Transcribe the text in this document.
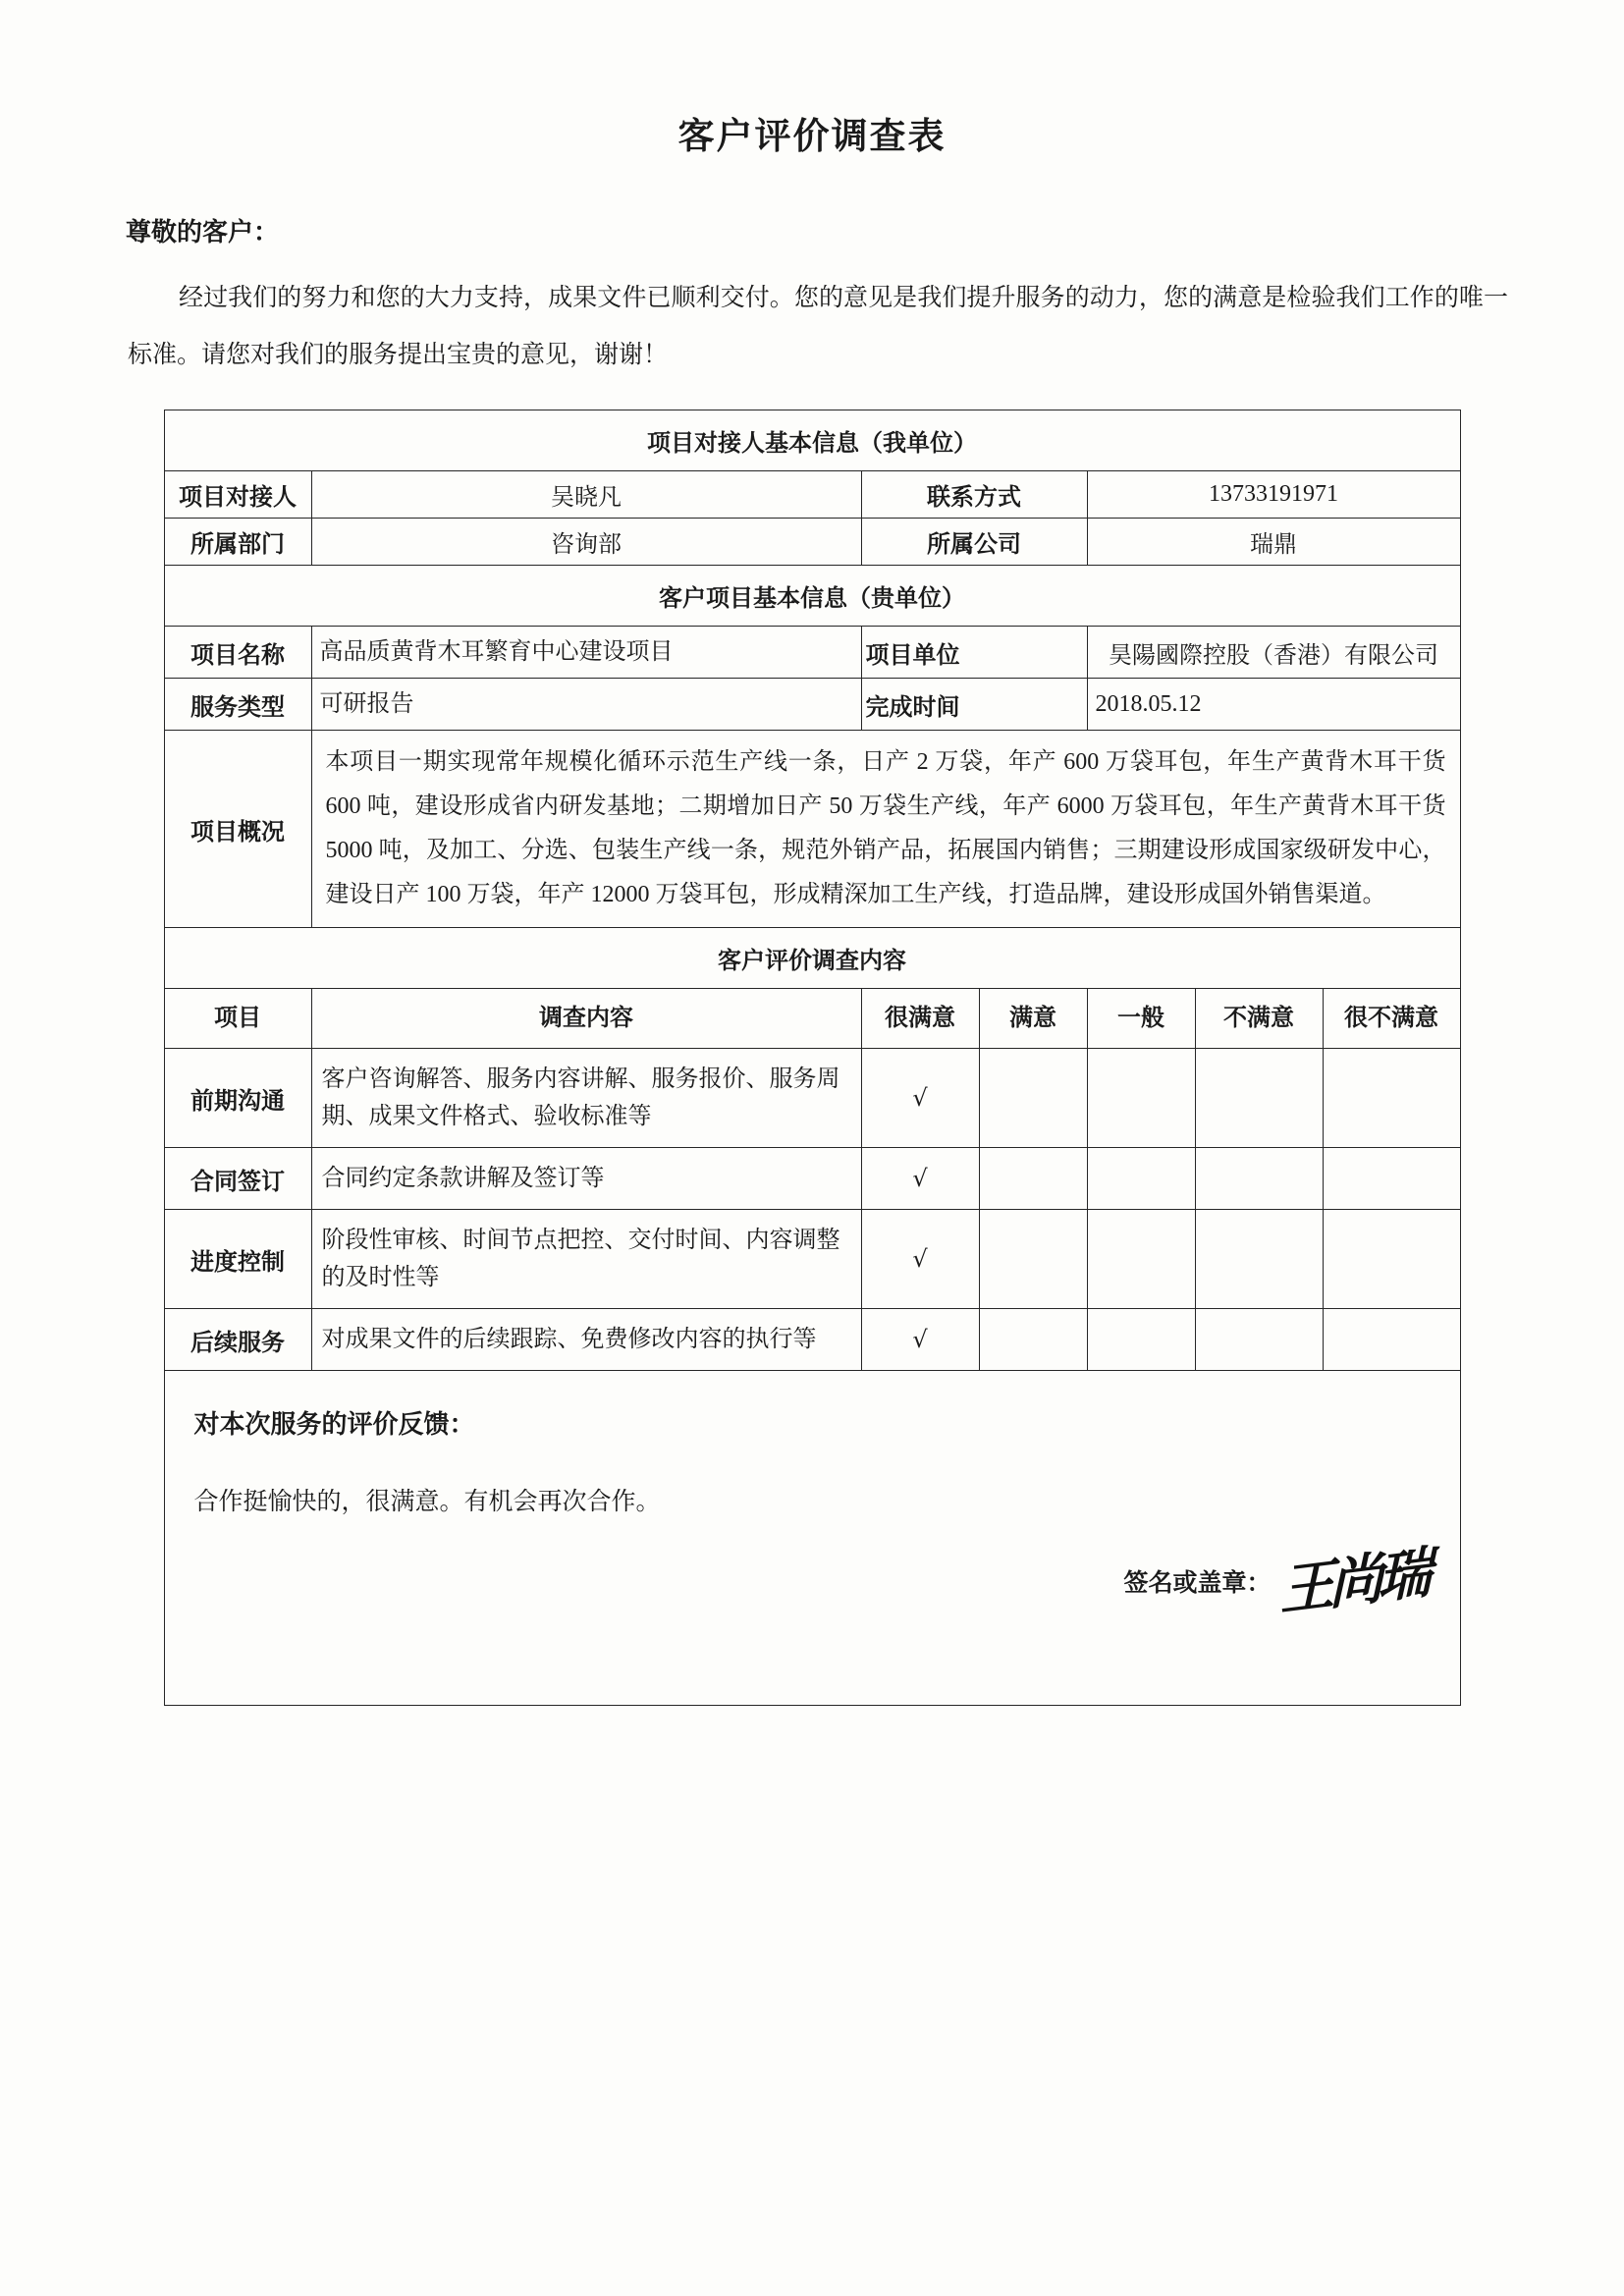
客户评价调查表
尊敬的客户：
经过我们的努力和您的大力支持，成果文件已顺利交付。您的意见是我们提升服务的动力，您的满意是检验我们工作的唯一标准。请您对我们的服务提出宝贵的意见，谢谢！
项目对接人基本信息（我单位）						
项目对接人	吴晓凡	联系方式		13733191971		
所属部门	咨询部	所属公司		瑞鼎		
客户项目基本信息（贵单位）						
项目名称	高品质黄背木耳繁育中心建设项目	项目单位		昊陽國際控股（香港）有限公司		
服务类型	可研报告	完成时间		2018.05.12		
项目概况	本项目一期实现常年规模化循环示范生产线一条，日产 2 万袋，年产 600 万袋耳包，年生产黄背木耳干货 600 吨，建设形成省内研发基地；二期增加日产 50 万袋生产线，年产 6000 万袋耳包，年生产黄背木耳干货 5000 吨，及加工、分选、包装生产线一条，规范外销产品，拓展国内销售；三期建设形成国家级研发中心，建设日产 100 万袋，年产 12000 万袋耳包，形成精深加工生产线，打造品牌，建设形成国外销售渠道。					
客户评价调查内容						
项目	调查内容	很满意	满意	一般	不满意	很不满意
前期沟通	客户咨询解答、服务内容讲解、服务报价、服务周期、成果文件格式、验收标准等	√				
合同签订	合同约定条款讲解及签订等	√				
进度控制	阶段性审核、时间节点把控、交付时间、内容调整的及时性等	√				
后续服务	对成果文件的后续跟踪、免费修改内容的执行等	√				

对本次服务的评价反馈：
合作挺愉快的，很满意。有机会再次合作。
签名或盖章： 王尚瑞						
